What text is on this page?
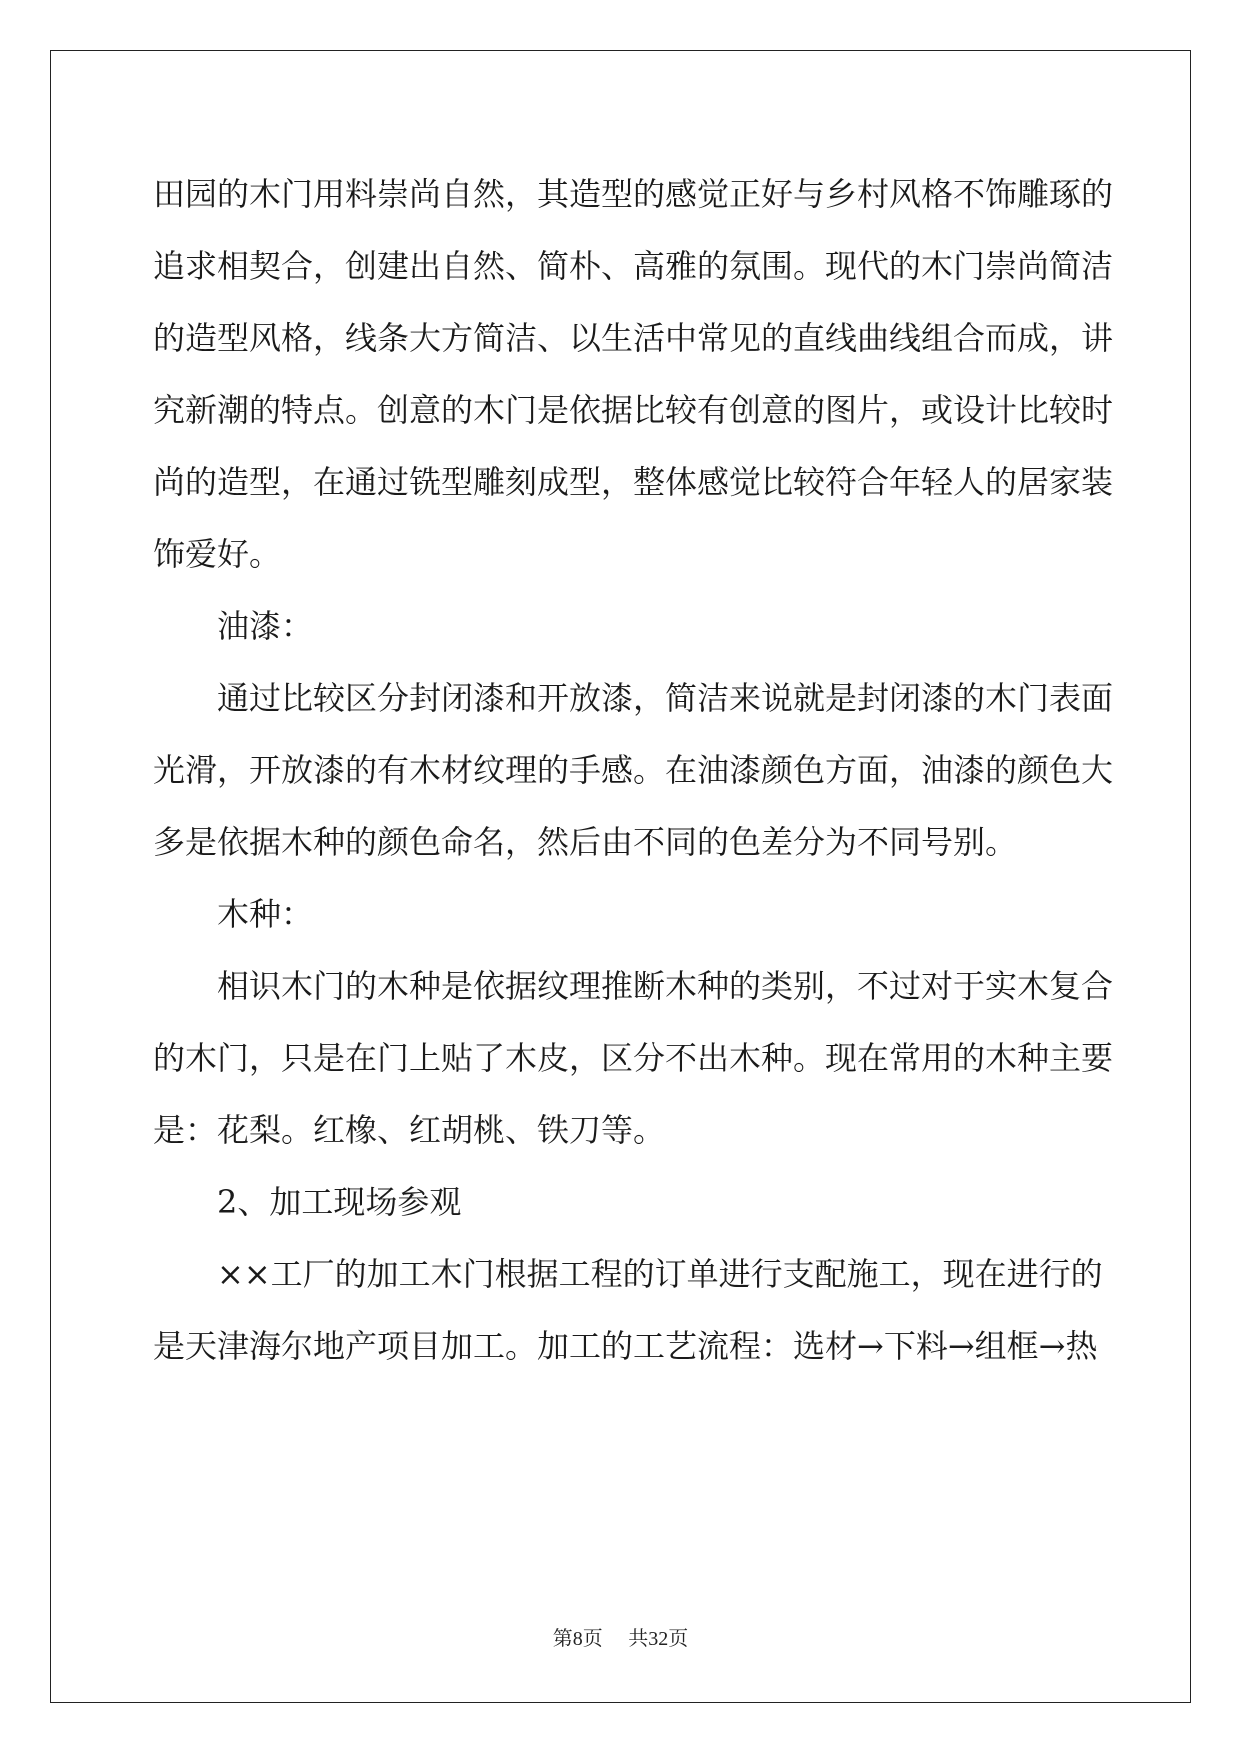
田园的木门用料崇尚自然，其造型的感觉正好与乡村风格不饰雕琢的
追求相契合，创建出自然、简朴、高雅的氛围。现代的木门崇尚简洁
的造型风格，线条大方简洁、以生活中常见的直线曲线组合而成，讲
究新潮的特点。创意的木门是依据比较有创意的图片，或设计比较时
尚的造型，在通过铣型雕刻成型，整体感觉比较符合年轻人的居家装
饰爱好。
油漆：
通过比较区分封闭漆和开放漆，简洁来说就是封闭漆的木门表面
光滑，开放漆的有木材纹理的手感。在油漆颜色方面，油漆的颜色大
多是依据木种的颜色命名，然后由不同的色差分为不同号别。
木种：
相识木门的木种是依据纹理推断木种的类别，不过对于实木复合
的木门，只是在门上贴了木皮，区分不出木种。现在常用的木种主要
是：花梨。红橡、红胡桃、铁刀等。
2、加工现场参观
××工厂的加工木门根据工程的订单进行支配施工，现在进行的
是天津海尔地产项目加工。加工的工艺流程：选材→下料→组框→热
第8页 共32页
